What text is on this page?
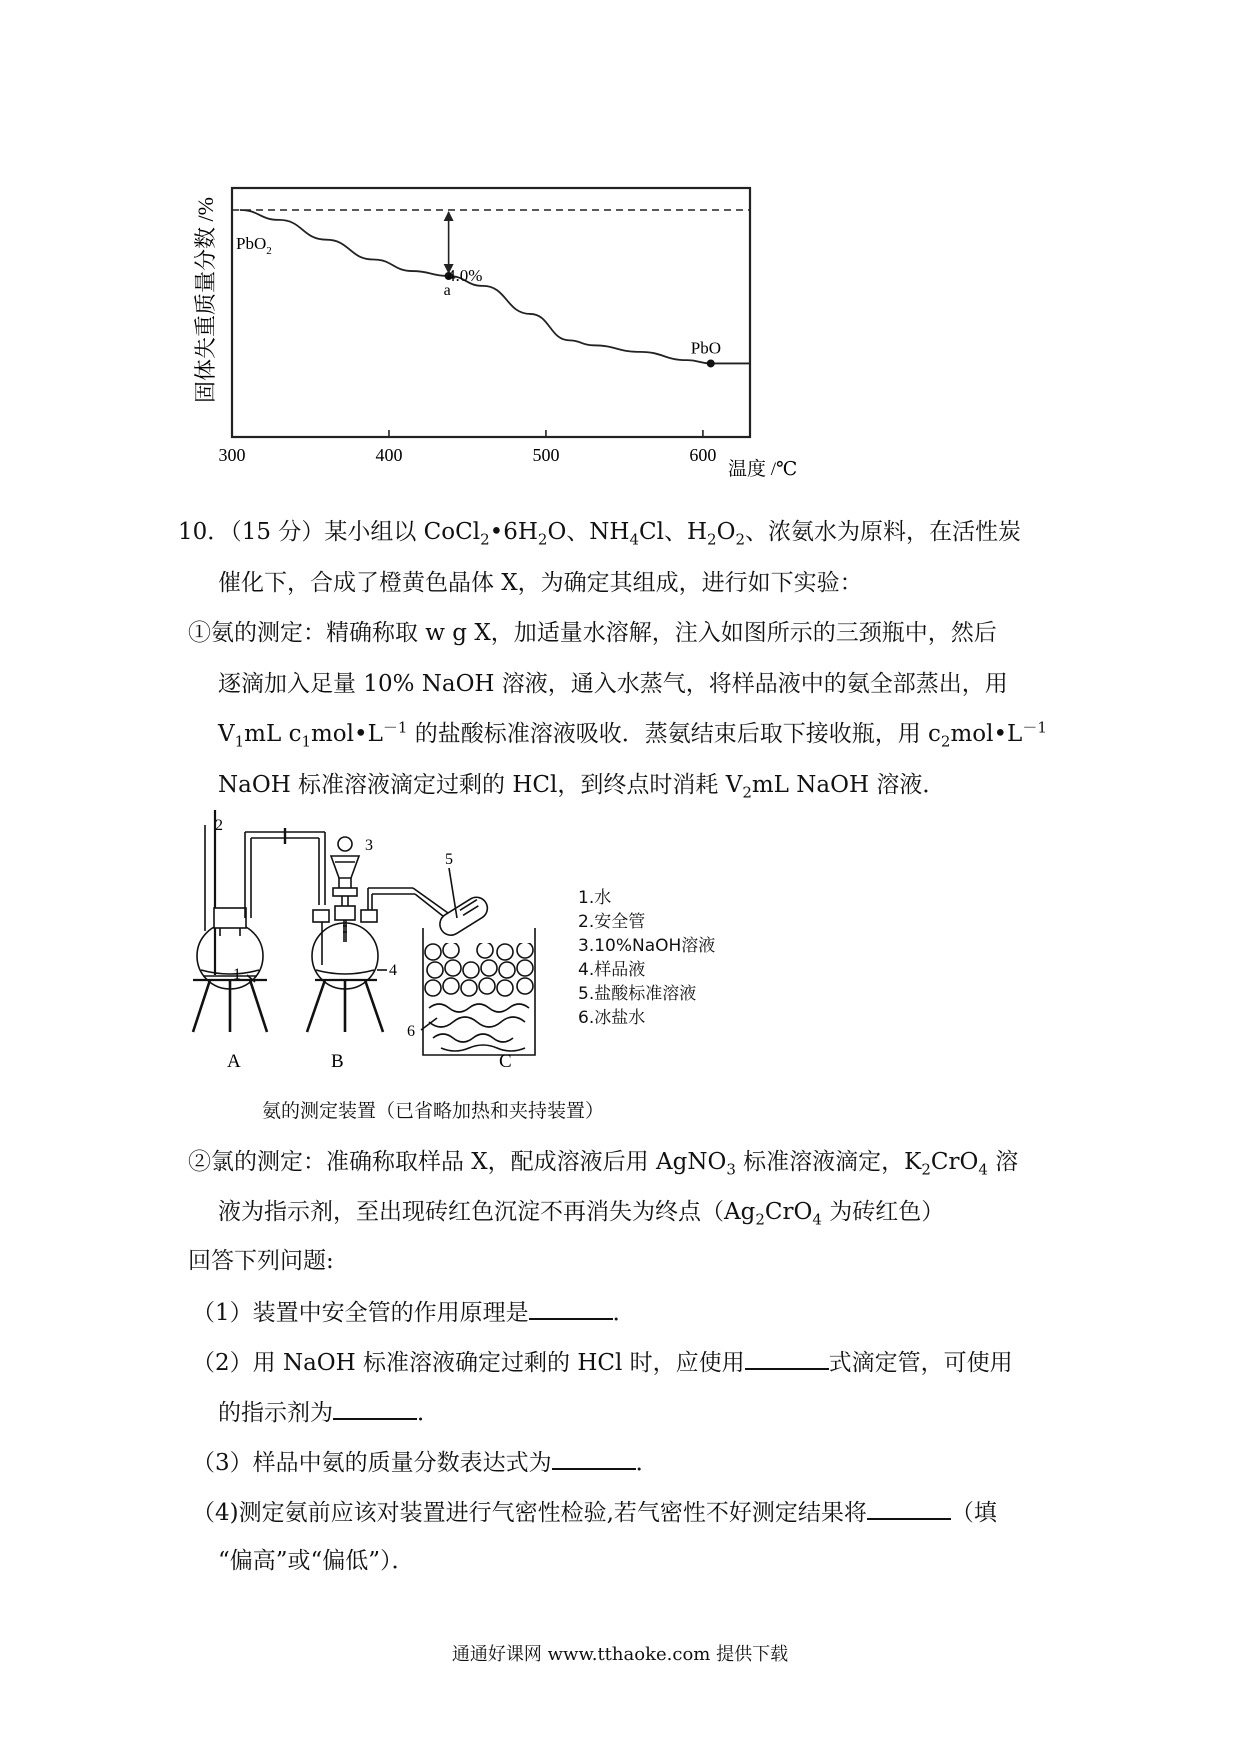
300	400	500	600
PbO$_2$
4.0%
a
PbO
温度 /℃
固体失重质量分数 /%
10．（15 分）某小组以 $CoCl_2•6H_2O$、$NH_4Cl$、$H_2O_2$、浓氨水为原料，在活性炭
催化下，合成了橙黄色晶体 X，为确定其组成，进行如下实验：
①氨的测定：精确称取 w g X，加适量水溶解，注入如图所示的三颈瓶中，然后
逐滴加入足量 10% NaOH 溶液，通入水蒸气，将样品液中的氨全部蒸出，用
$V_1mL$ $c_1mol•L^{-1}$ 的盐酸标准溶液吸收．蒸氨结束后取下接收瓶，用 $c_2mol•L^{-1}$
NaOH 标准溶液滴定过剩的 HCl，到终点时消耗 $V_2mL$ NaOH 溶液．
1
2
3
4
5
6
A	B	C
1.水
2.安全管
3.10%NaOH溶液
4.样品液
5.盐酸标准溶液
6.冰盐水
氨的测定装置（已省略加热和夹持装置）
②氯的测定：准确称取样品 X，配成溶液后用 AgNO$_3$ 标准溶液滴定，$K_2CrO_4$ 溶
液为指示剂，至出现砖红色沉淀不再消失为终点（$Ag_2CrO_4$ 为砖红色）
回答下列问题:
（1）装置中安全管的作用原理是	．
（2）用 NaOH 标准溶液确定过剩的 HCl 时，应使用	式滴定管，可使用
的指示剂为	．
（3）样品中氨的质量分数表达式为	．
（4)测定氨前应该对装置进行气密性检验,若气密性不好测定结果将	（填
“偏高”或“偏低”）．
通通好课网 www.tthaoke.com 提供下载
